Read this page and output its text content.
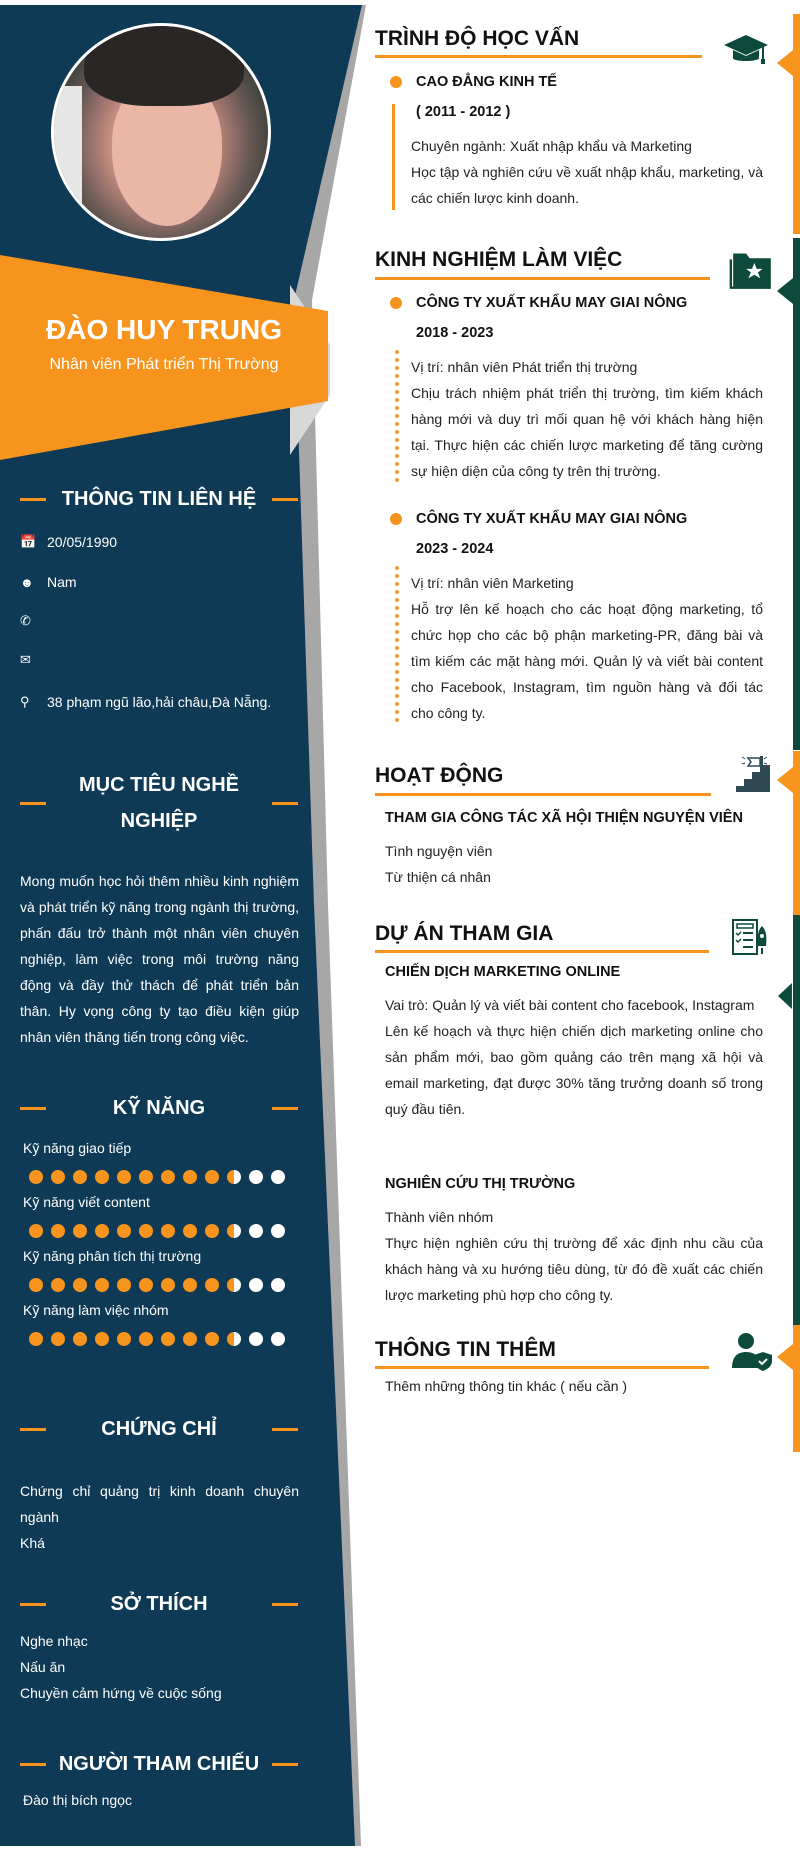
ĐÀO HUY TRUNG
Nhân viên Phát triển Thị Trường
THÔNG TIN LIÊN HỆ
📅 20/05/1990
☻ Nam
✆
✉
⚲	38 phạm ngũ lão,hải châu,Đà Nẵng.
MỤC TIÊU NGHỀ
NGHIỆP
Mong muốn học hỏi thêm nhiều kinh nghiệm và phát triển kỹ năng trong ngành thị trường, phấn đấu trở thành một nhân viên chuyên nghiệp, làm việc trong môi trường năng động và đầy thử thách để phát triển bản thân. Hy vọng công ty tạo điều kiện giúp nhân viên thăng tiến trong công việc.
KỸ NĂNG
Kỹ năng giao tiếp
Kỹ năng viết content
Kỹ năng phân tích thị trường
Kỹ năng làm việc nhóm
CHỨNG CHỈ
Chứng chỉ quảng trị kinh doanh chuyên ngành
Khá
SỞ THÍCH
Nghe nhạc
Nấu ăn
Chuyền cảm hứng về cuộc sống
NGƯỜI THAM CHIẾU
Đào thị bích ngọc
TRÌNH ĐỘ HỌC VẤN
CAO ĐẲNG KINH TẾ
( 2011 - 2012 )
Chuyên ngành: Xuất nhập khẩu và Marketing
Học tập và nghiên cứu về xuất nhập khẩu, marketing, và các chiến lược kinh doanh.
KINH NGHIỆM LÀM VIỆC
CÔNG TY XUẤT KHẨU MAY GIAI NÔNG
2018 - 2023
Vị trí: nhân viên Phát triển thị trường
Chịu trách nhiệm phát triển thị trường, tìm kiếm khách hàng mới và duy trì mối quan hệ với khách hàng hiện tại. Thực hiện các chiến lược marketing để tăng cường sự hiện diện của công ty trên thị trường.
CÔNG TY XUẤT KHẨU MAY GIAI NÔNG
2023 - 2024
Vị trí: nhân viên Marketing
Hỗ trợ lên kế hoạch cho các hoạt động marketing, tổ chức họp cho các bộ phận marketing-PR, đăng bài và tìm kiếm các mặt hàng mới. Quản lý và viết bài content cho Facebook, Instagram, tìm nguồn hàng và đối tác cho công ty.
HOẠT ĐỘNG
THAM GIA CÔNG TÁC XÃ HỘI THIỆN NGUYỆN VIÊN
Tình nguyện viên
Từ thiện cá nhân
DỰ ÁN THAM GIA
CHIẾN DỊCH MARKETING ONLINE
Vai trò: Quản lý và viết bài content cho facebook, Instagram
Lên kế hoạch và thực hiện chiến dịch marketing online cho sản phẩm mới, bao gồm quảng cáo trên mạng xã hội và email marketing, đạt được 30% tăng trưởng doanh số trong quý đầu tiên.
NGHIÊN CỨU THỊ TRƯỜNG
Thành viên nhóm
Thực hiện nghiên cứu thị trường để xác định nhu cầu của khách hàng và xu hướng tiêu dùng, từ đó đề xuất các chiến lược marketing phù hợp cho công ty.
THÔNG TIN THÊM
Thêm những thông tin khác ( nếu cần )
